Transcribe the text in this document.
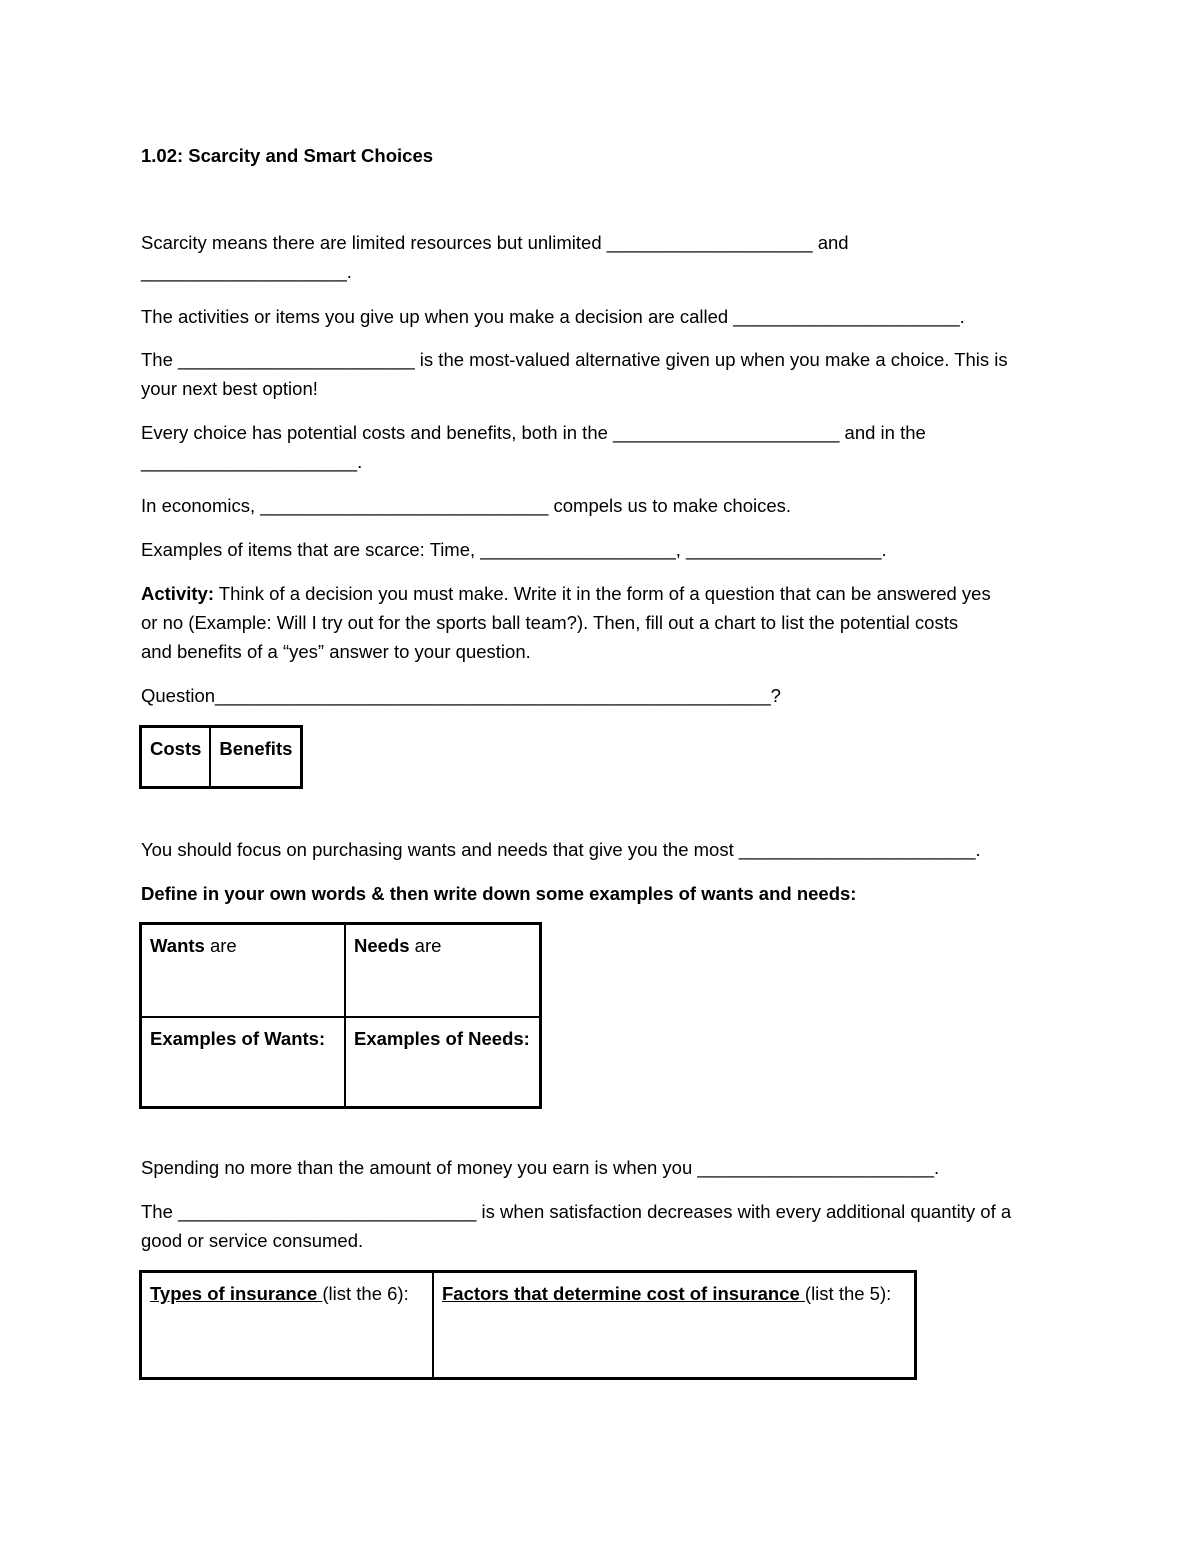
1.02: Scarcity and Smart Choices
Scarcity means there are limited resources but unlimited ____________________ and
____________________.
The activities or items you give up when you make a decision are called ______________________.
The _______________________ is the most-valued alternative given up when you make a choice. This is
your next best option!
Every choice has potential costs and benefits, both in the ______________________ and in the
_____________________.
In economics, ____________________________ compels us to make choices.
Examples of items that are scarce: Time, ___________________, ___________________.
Activity: Think of a decision you must make. Write it in the form of a question that can be answered yes
or no (Example: Will I try out for the sports ball team?). Then, fill out a chart to list the potential costs
and benefits of a “yes” answer to your question.
Question______________________________________________________?
Costs	Benefits
You should focus on purchasing wants and needs that give you the most _______________________.
Define in your own words & then write down some examples of wants and needs:
Wants are	Needs are
Examples of Wants:	Examples of Needs:
Spending no more than the amount of money you earn is when you _______________________.
The _____________________________ is when satisfaction decreases with every additional quantity of a
good or service consumed.
Types of insurance (list the 6):	Factors that determine cost of insurance (list the 5):
